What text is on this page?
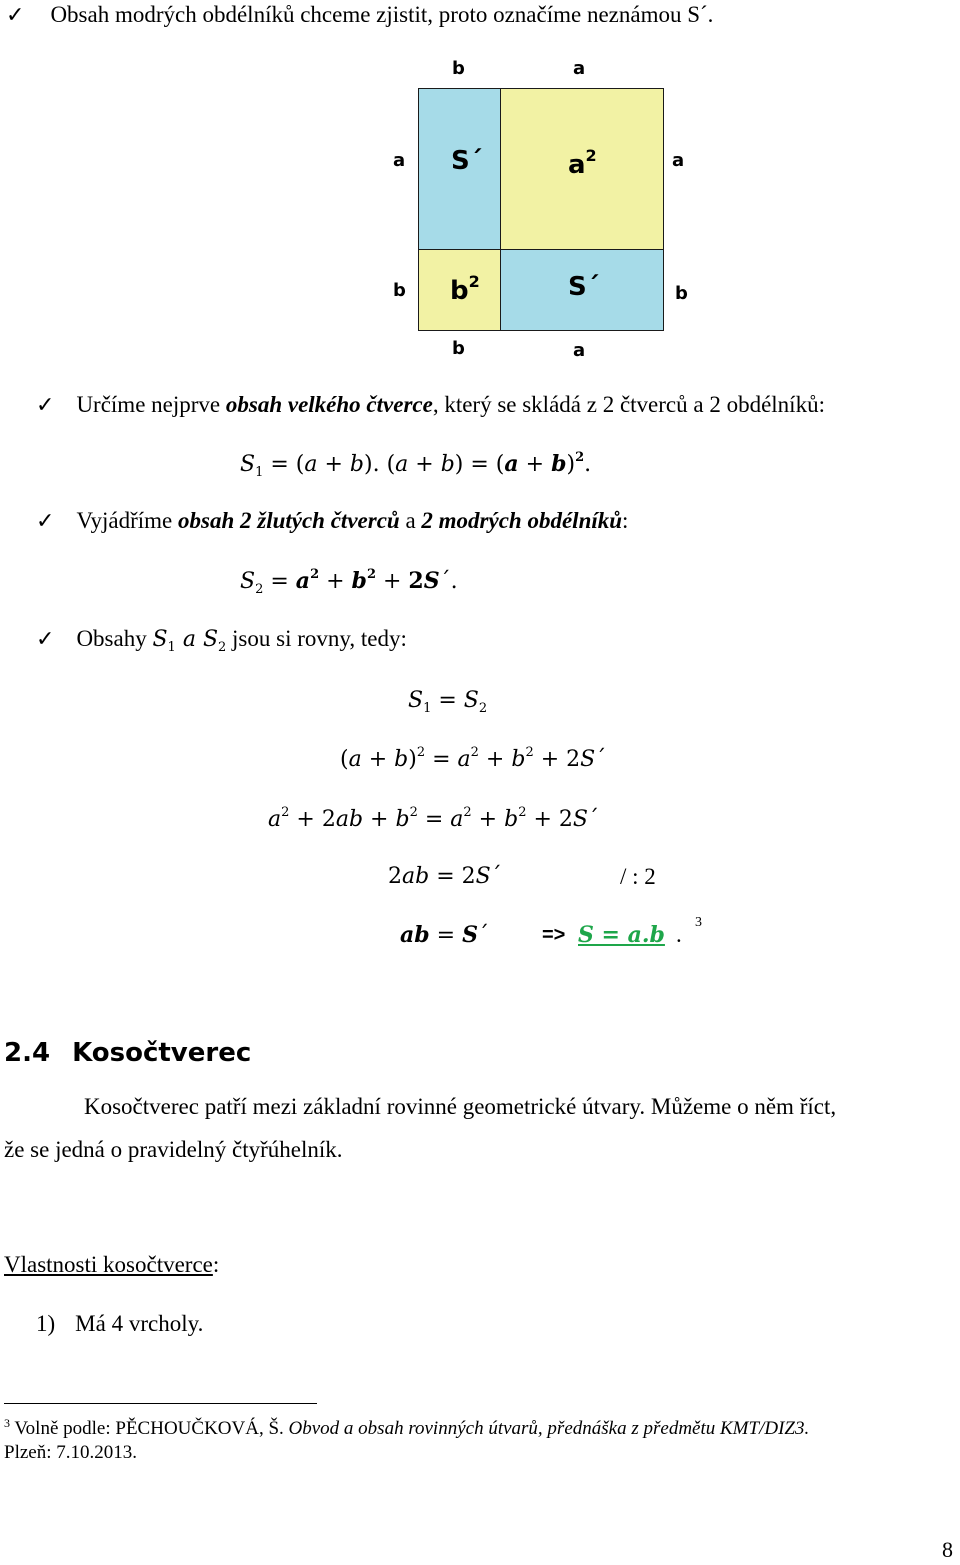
✓ Obsah modrých obdélníků chceme zjistit, proto označíme neznámou S´.
b	a
a	a
b	b
b	a
S´	$a^2$
$b^2$	S´
✓ Určíme nejprve obsah velkého čtverce, který se skládá z 2 čtverců a 2 obdélníků:
$S_1 = (a + b)$. $(a + b) = (a + b)^2$.
✓ Vyjádříme obsah 2 žlutých čtverců a 2 modrých obdélníků:
$S_2 = a^2 + b^2$ + 2S´.
✓ Obsahy $S_1$ a $S_2$ jsou si rovny, tedy:
$S_1 = S_2$
$(a + b)^2 = a^2 + b^2$ + 2S´
$a^2 + 2ab + b^2 = a^2 + b^2$ + 2S´
2ab = 2S´	/ : 2
ab = S´	=> S = a.b . 3
2.4 Kosočtverec
Kosočtverec patří mezi základní rovinné geometrické útvary. Můžeme o něm říct,
že se jedná o pravidelný čtyřúhelník.
Vlastnosti kosočtverce:
1) Má 4 vrcholy.
$^3$ Volně podle: PĚCHOUČKOVÁ, Š. Obvod a obsah rovinných útvarů, přednáška z předmětu KMT/DIZ3.
Plzeň: 7.10.2013.
8
